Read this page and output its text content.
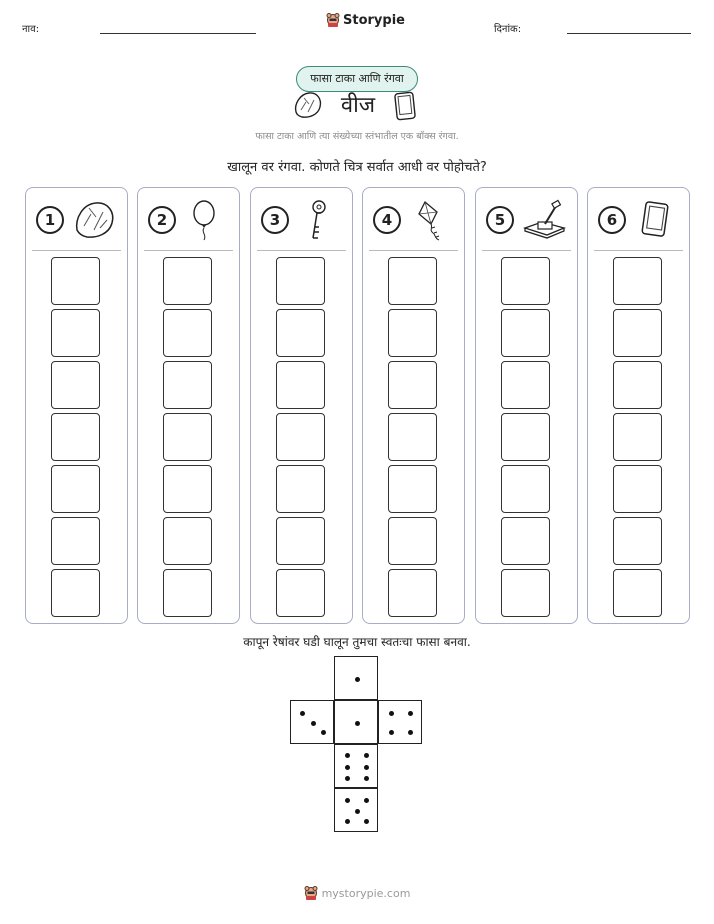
नाव:
Storypie
दिनांक:
फासा टाका आणि रंगवा
वीज
फासा टाका आणि त्या संख्येच्या स्तंभातील एक बॉक्स रंगवा.
खालून वर रंगवा. कोणते चित्र सर्वात आधी वर पोहोचते?
1	2	3	4	5	6
कापून रेषांवर घडी घालून तुमचा स्वतःचा फासा बनवा.
mystorypie.com
